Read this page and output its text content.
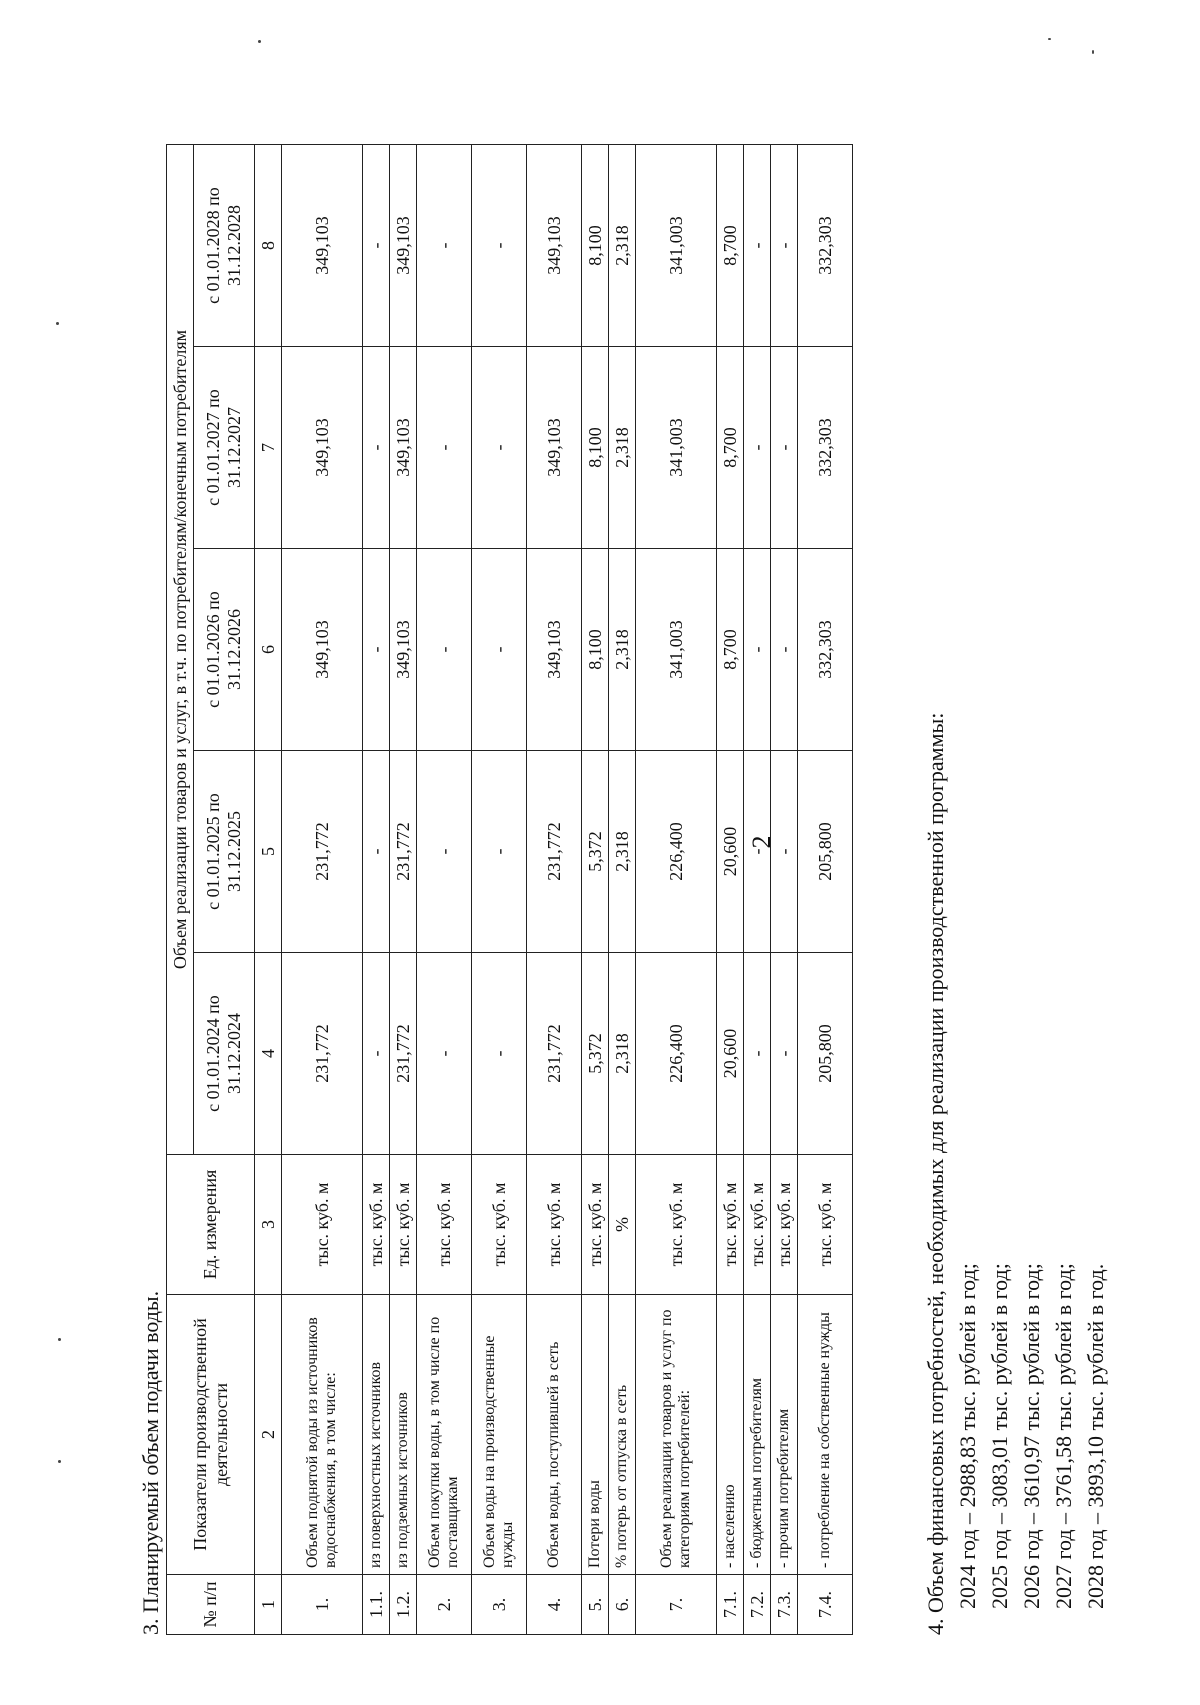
2
3. Планируемый объем подачи воды. № п/п	Показатели производственной деятельности	Ед. измерения	Объем реализации товаров и услуг, в т.ч. по потребителям/конечным потребителям				
			с 01.01.2024 по 31.12.2024	с 01.01.2025 по 31.12.2025	с 01.01.2026 по 31.12.2026	с 01.01.2027 по 31.12.2027	с 01.01.2028 по 31.12.2028
1	2	3	4	5	6	7	8
1.	Объем поднятой воды из источников водоснабжения, в том числе:	тыс. куб. м	231,772	231,772	349,103	349,103	349,103
1.1.	из поверхностных источников	тыс. куб. м	-	-	-	-	-
1.2.	из подземных источников	тыс. куб. м	231,772	231,772	349,103	349,103	349,103
2.	Объем покупки воды, в том числе по поставщикам	тыс. куб. м	-	-	-	-	-
3.	Объем воды на производственные нужды	тыс. куб. м	-	-	-	-	-
4.	Объем воды, поступившей в сеть	тыс. куб. м	231,772	231,772	349,103	349,103	349,103
5.	Потери воды	тыс. куб. м	5,372	5,372	8,100	8,100	8,100
6.	% потерь от отпуска в сеть	%	2,318	2,318	2,318	2,318	2,318
7.	Объем реализации товаров и услуг по категориям потребителей:	тыс. куб. м	226,400	226,400	341,003	341,003	341,003
7.1.	- населению	тыс. куб. м	20,600	20,600	8,700	8,700	8,700
7.2.	- бюджетным потребителям	тыс. куб. м	-	-	-	-	-
7.3.	- прочим потребителям	тыс. куб. м	-	-	-	-	-
7.4.	- потребление на собственные нужды	тыс. куб. м	205,800	205,800	332,303	332,303	332,303
4. Объем финансовых потребностей, необходимых для реализации производственной программы: 2024 год – 2988,83 тыс. рублей в год; 2025 год – 3083,01 тыс. рублей в год; 2026 год – 3610,97 тыс. рублей в год; 2027 год – 3761,58 тыс. рублей в год; 2028 год – 3893,10 тыс. рублей в год.
